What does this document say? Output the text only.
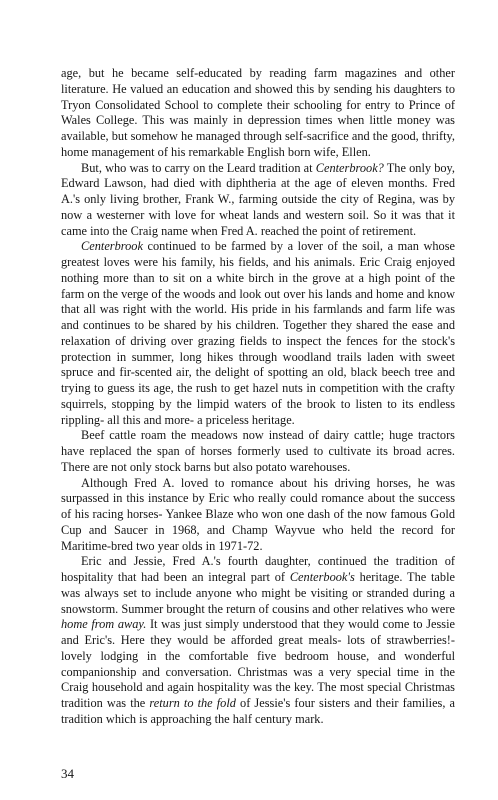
age, but he became self-educated by reading farm magazines and other literature. He valued an education and showed this by sending his daughters to Tryon Consolidated School to complete their schooling for entry to Prince of Wales College. This was mainly in depression times when little money was available, but somehow he managed through self-sacrifice and the good, thrifty, home management of his remarkable English born wife, Ellen.

But, who was to carry on the Leard tradition at Centerbrook? The only boy, Edward Lawson, had died with diphtheria at the age of eleven months. Fred A.'s only living brother, Frank W., farming outside the city of Regina, was by now a westerner with love for wheat lands and western soil. So it was that it came into the Craig name when Fred A. reached the point of retirement.

Centerbrook continued to be farmed by a lover of the soil, a man whose greatest loves were his family, his fields, and his animals. Eric Craig enjoyed nothing more than to sit on a white birch in the grove at a high point of the farm on the verge of the woods and look out over his lands and home and know that all was right with the world. His pride in his farmlands and farm life was and continues to be shared by his children. Together they shared the ease and relaxation of driving over grazing fields to inspect the fences for the stock's protection in summer, long hikes through woodland trails laden with sweet spruce and fir-scented air, the delight of spotting an old, black beech tree and trying to guess its age, the rush to get hazel nuts in competition with the crafty squirrels, stopping by the limpid waters of the brook to listen to its endless rippling- all this and more- a priceless heritage.

Beef cattle roam the meadows now instead of dairy cattle; huge tractors have replaced the span of horses formerly used to cultivate its broad acres. There are not only stock barns but also potato warehouses.

Although Fred A. loved to romance about his driving horses, he was surpassed in this instance by Eric who really could romance about the success of his racing horses- Yankee Blaze who won one dash of the now famous Gold Cup and Saucer in 1968, and Champ Wayvue who held the record for Maritime-bred two year olds in 1971-72.

Eric and Jessie, Fred A.'s fourth daughter, continued the tradition of hospitality that had been an integral part of Centerbook's heritage. The table was always set to include anyone who might be visiting or stranded during a snowstorm. Summer brought the return of cousins and other relatives who were home from away. It was just simply understood that they would come to Jessie and Eric's. Here they would be afforded great meals- lots of strawberries!- lovely lodging in the comfortable five bedroom house, and wonderful companionship and conversation. Christmas was a very special time in the Craig household and again hospitality was the key. The most special Christmas tradition was the return to the fold of Jessie's four sisters and their families, a tradition which is approaching the half century mark.

34
